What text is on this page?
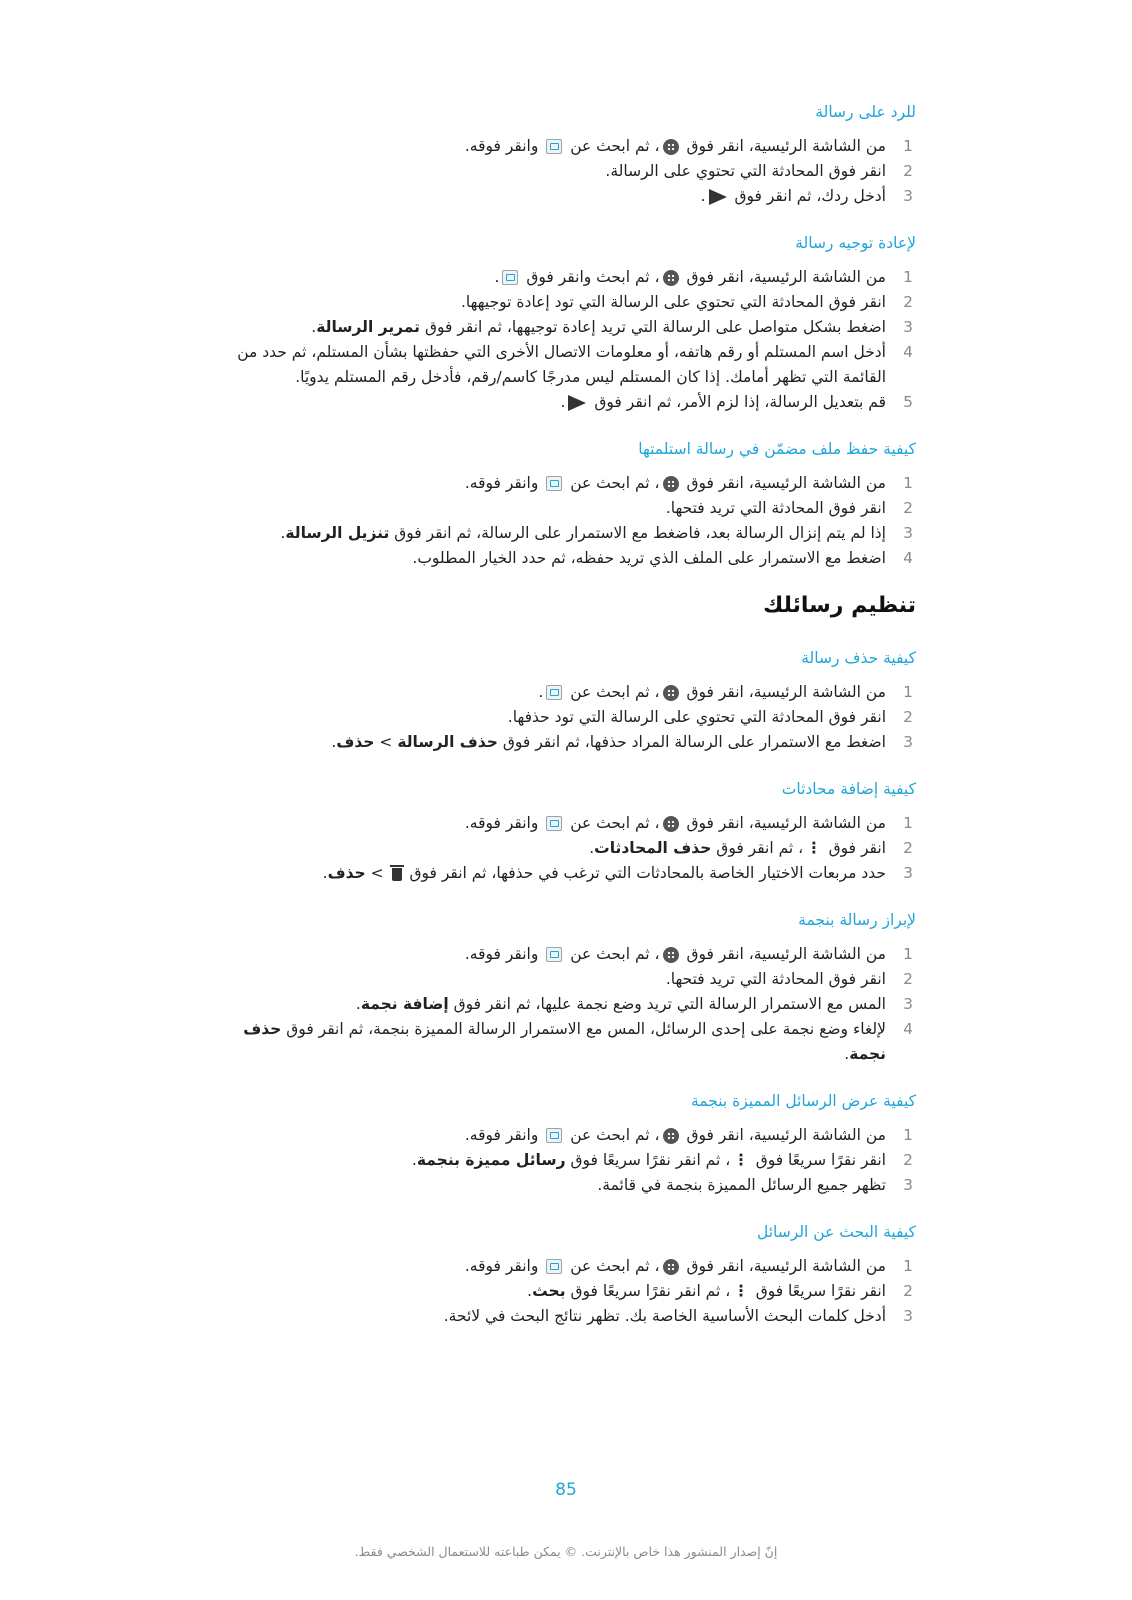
للرد على رسالة
1
من الشاشة الرئيسية، انقر فوق ، ثم ابحث عن  وانقر فوقه.
2
انقر فوق المحادثة التي تحتوي على الرسالة.
3
أدخل ردك، ثم انقر فوق .
لإعادة توجيه رسالة
1
من الشاشة الرئيسية، انقر فوق ، ثم ابحث وانقر فوق .
2
انقر فوق المحادثة التي تحتوي على الرسالة التي تود إعادة توجيهها.
3
اضغط بشكل متواصل على الرسالة التي تريد إعادة توجيهها، ثم انقر فوق تمرير الرسالة.
4
أدخل اسم المستلم أو رقم هاتفه، أو معلومات الاتصال الأخرى التي حفظتها بشأن المستلم، ثم حدد من القائمة التي تظهر أمامك. إذا كان المستلم ليس مدرجًا كاسم/رقم، فأدخل رقم المستلم يدويًا.
5
قم بتعديل الرسالة، إذا لزم الأمر، ثم انقر فوق .
كيفية حفظ ملف مضمّن في رسالة استلمتها
1
من الشاشة الرئيسية، انقر فوق ، ثم ابحث عن  وانقر فوقه.
2
انقر فوق المحادثة التي تريد فتحها.
3
إذا لم يتم إنزال الرسالة بعد، فاضغط مع الاستمرار على الرسالة، ثم انقر فوق تنزيل الرسالة.
4
اضغط مع الاستمرار على الملف الذي تريد حفظه، ثم حدد الخيار المطلوب.
تنظيم رسائلك
كيفية حذف رسالة
1
من الشاشة الرئيسية، انقر فوق ، ثم ابحث عن .
2
انقر فوق المحادثة التي تحتوي على الرسالة التي تود حذفها.
3
اضغط مع الاستمرار على الرسالة المراد حذفها، ثم انقر فوق حذف الرسالة > حذف.
كيفية إضافة محادثات
1
من الشاشة الرئيسية، انقر فوق ، ثم ابحث عن  وانقر فوقه.
2
انقر فوق ⋮، ثم انقر فوق حذف المحادثات.
3
حدد مربعات الاختيار الخاصة بالمحادثات التي ترغب في حذفها، ثم انقر فوق  > حذف.
لإبراز رسالة بنجمة
1
من الشاشة الرئيسية، انقر فوق ، ثم ابحث عن  وانقر فوقه.
2
انقر فوق المحادثة التي تريد فتحها.
3
المس مع الاستمرار الرسالة التي تريد وضع نجمة عليها، ثم انقر فوق إضافة نجمة.
4
لإلغاء وضع نجمة على إحدى الرسائل، المس مع الاستمرار الرسالة المميزة بنجمة، ثم انقر فوق حذف نجمة.
كيفية عرض الرسائل المميزة بنجمة
1
من الشاشة الرئيسية، انقر فوق ، ثم ابحث عن  وانقر فوقه.
2
انقر نقرًا سريعًا فوق ⋮، ثم انقر نقرًا سريعًا فوق رسائل مميزة بنجمة.
3
تظهر جميع الرسائل المميزة بنجمة في قائمة.
كيفية البحث عن الرسائل
1
من الشاشة الرئيسية، انقر فوق ، ثم ابحث عن  وانقر فوقه.
2
انقر نقرًا سريعًا فوق ⋮، ثم انقر نقرًا سريعًا فوق بحث.
3
أدخل كلمات البحث الأساسية الخاصة بك. تظهر نتائج البحث في لائحة.
85
إنّ إصدار المنشور هذا خاص بالإنترنت. © يمكن طباعته للاستعمال الشخصي فقط.
